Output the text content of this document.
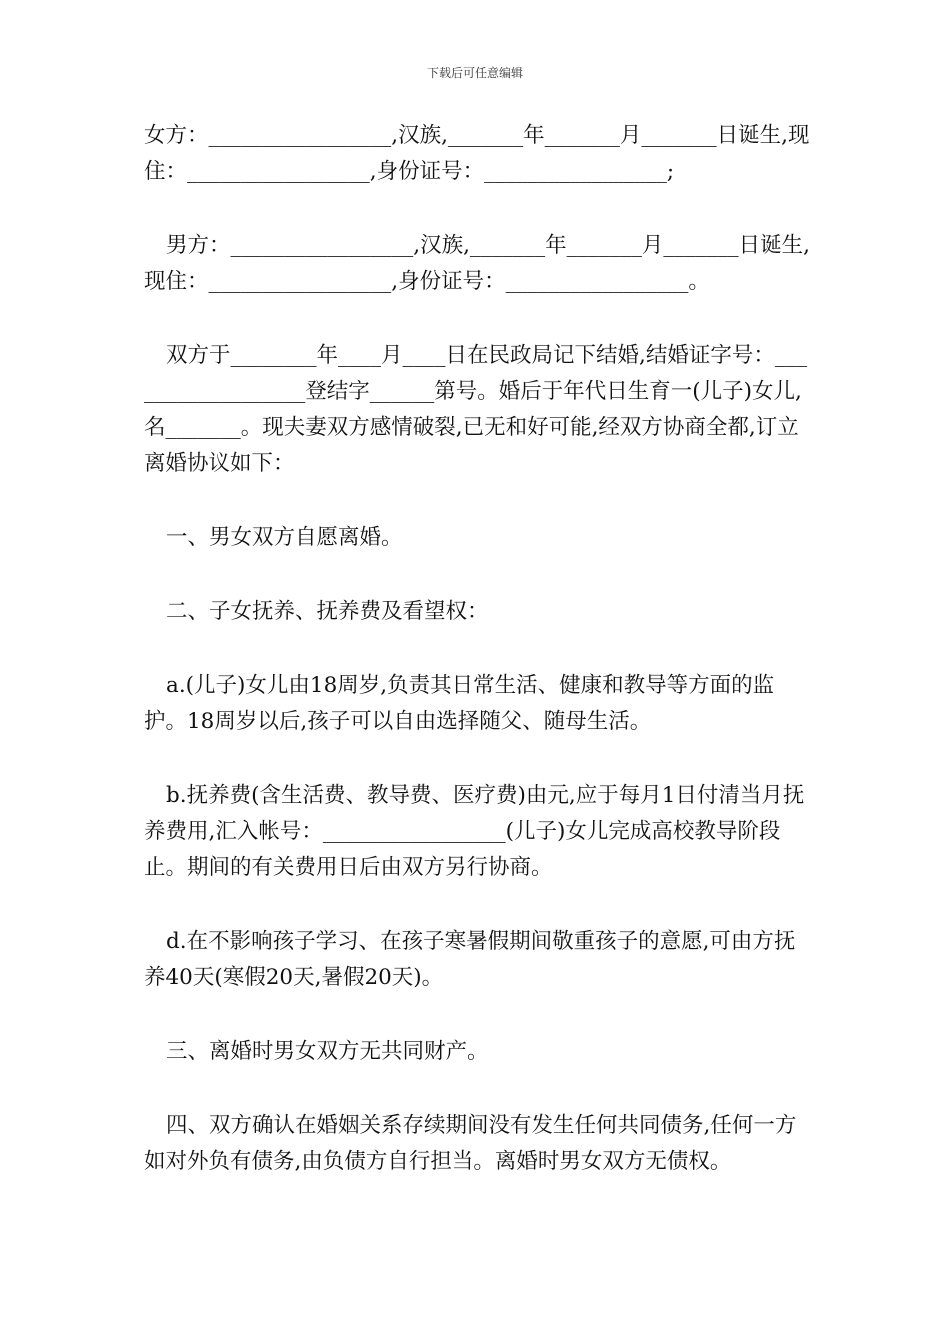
下载后可任意编辑

女方：_________________,汉族,_______年_______月_______日诞生,现住：_________________,身份证号：_________________;

男方：_________________,汉族,_______年_______月_______日诞生,现住：_________________,身份证号：_________________。

双方于________年____月____日在民政局记下结婚,结婚证字号：__________________登结字______第号。婚后于年代日生育一(儿子)女儿,名_______。现夫妻双方感情破裂,已无和好可能,经双方协商全都,订立离婚协议如下：

一、男女双方自愿离婚。

二、子女抚养、抚养费及看望权：

a.(儿子)女儿由18周岁,负责其日常生活、健康和教导等方面的监护。18周岁以后,孩子可以自由选择随父、随母生活。

b.抚养费(含生活费、教导费、医疗费)由元,应于每月1日付清当月抚养费用,汇入帐号：_________________(儿子)女儿完成高校教导阶段止。期间的有关费用日后由双方另行协商。

d.在不影响孩子学习、在孩子寒暑假期间敬重孩子的意愿,可由方抚养40天(寒假20天,暑假20天)。

三、离婚时男女双方无共同财产。

四、双方确认在婚姻关系存续期间没有发生任何共同债务,任何一方如对外负有债务,由负债方自行担当。离婚时男女双方无债权。
